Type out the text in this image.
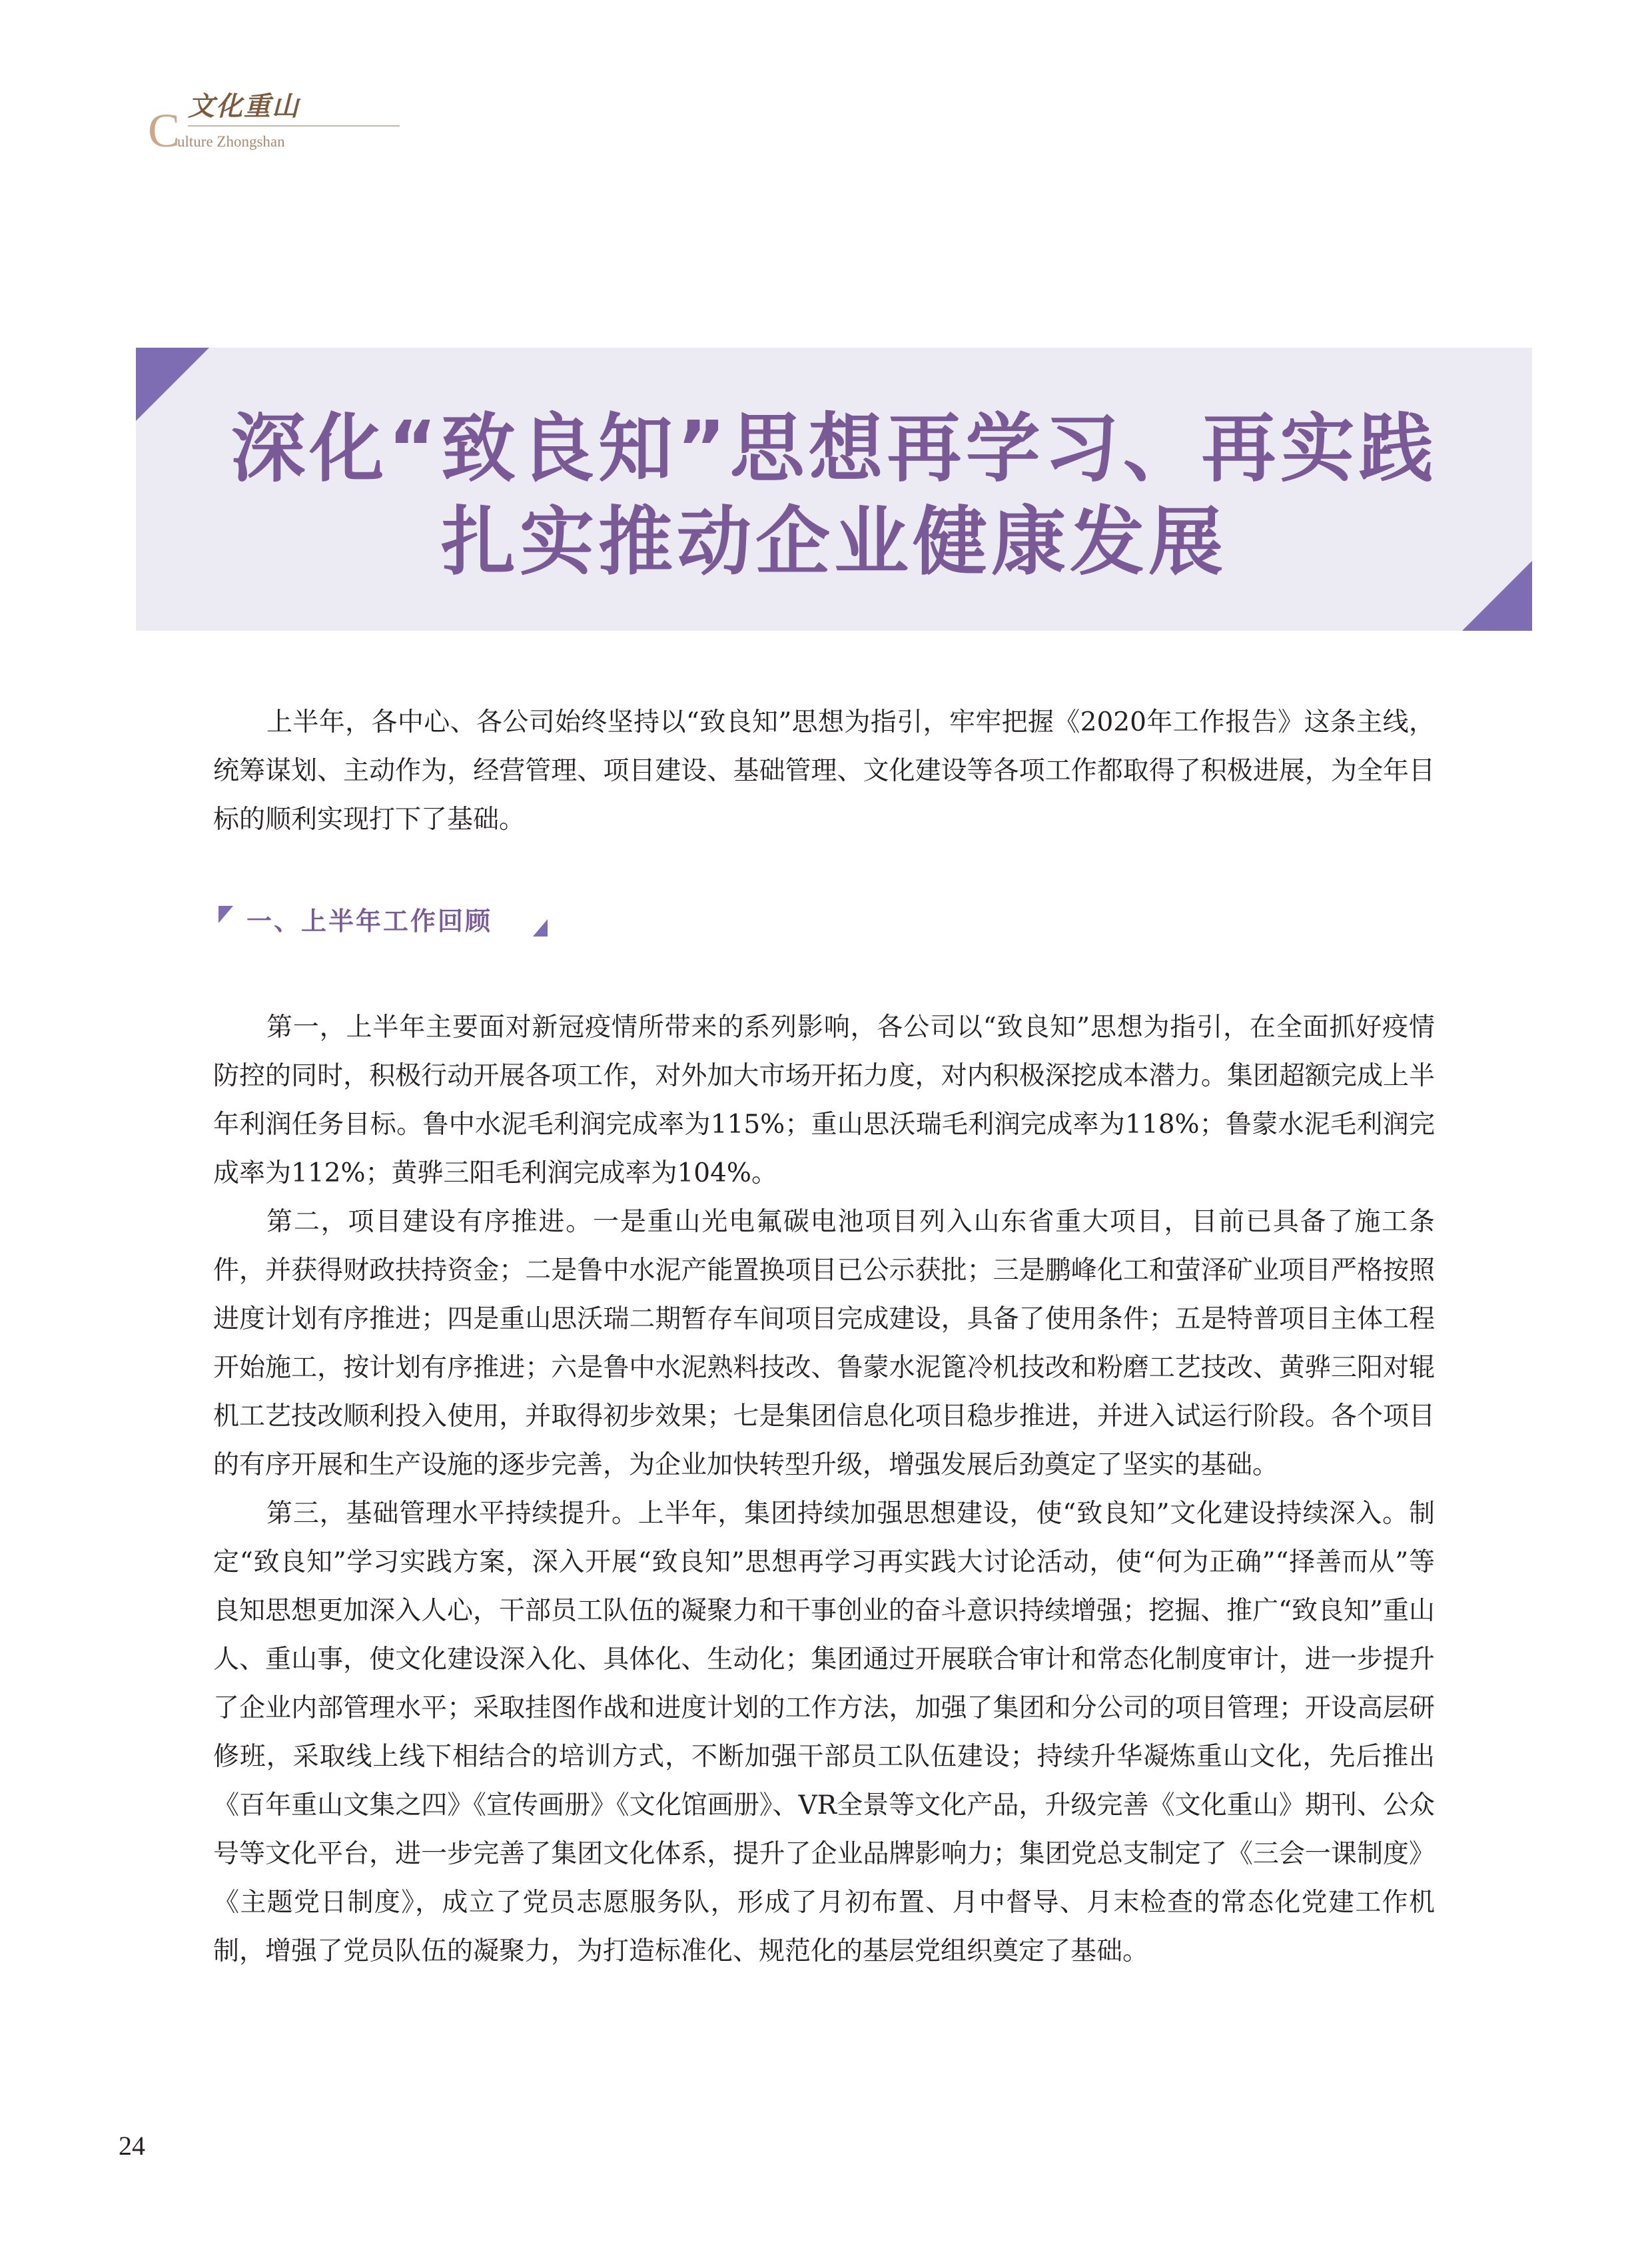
C 文化重山
ulture Zhongshan
深化“致良知”思想再学习、再实践
扎实推动企业健康发展

上半年，各中心、各公司始终坚持以“致良知”思想为指引，牢牢把握《2020年工作报告》这条主线，统筹谋划、主动作为，经营管理、项目建设、基础管理、文化建设等各项工作都取得了积极进展，为全年目标的顺利实现打下了基础。

一、上半年工作回顾

第一，上半年主要面对新冠疫情所带来的系列影响，各公司以“致良知”思想为指引，在全面抓好疫情防控的同时，积极行动开展各项工作，对外加大市场开拓力度，对内积极深挖成本潜力。集团超额完成上半年利润任务目标。鲁中水泥毛利润完成率为115%；重山思沃瑞毛利润完成率为118%；鲁蒙水泥毛利润完成率为112%；黄骅三阳毛利润完成率为104%。

第二，项目建设有序推进。一是重山光电氟碳电池项目列入山东省重大项目，目前已具备了施工条件，并获得财政扶持资金；二是鲁中水泥产能置换项目已公示获批；三是鹏峰化工和萤泽矿业项目严格按照进度计划有序推进；四是重山思沃瑞二期暂存车间项目完成建设，具备了使用条件；五是特普项目主体工程开始施工，按计划有序推进；六是鲁中水泥熟料技改、鲁蒙水泥篦冷机技改和粉磨工艺技改、黄骅三阳对辊机工艺技改顺利投入使用，并取得初步效果；七是集团信息化项目稳步推进，并进入试运行阶段。各个项目的有序开展和生产设施的逐步完善，为企业加快转型升级，增强发展后劲奠定了坚实的基础。

第三，基础管理水平持续提升。上半年，集团持续加强思想建设，使“致良知”文化建设持续深入。制定“致良知”学习实践方案，深入开展“致良知”思想再学习再实践大讨论活动，使“何为正确”“择善而从”等良知思想更加深入人心，干部员工队伍的凝聚力和干事创业的奋斗意识持续增强；挖掘、推广“致良知”重山人、重山事，使文化建设深入化、具体化、生动化；集团通过开展联合审计和常态化制度审计，进一步提升了企业内部管理水平；采取挂图作战和进度计划的工作方法，加强了集团和分公司的项目管理；开设高层研修班，采取线上线下相结合的培训方式，不断加强干部员工队伍建设；持续升华凝炼重山文化，先后推出《百年重山文集之四》《宣传画册》《文化馆画册》、VR全景等文化产品，升级完善《文化重山》期刊、公众号等文化平台，进一步完善了集团文化体系，提升了企业品牌影响力；集团党总支制定了《三会一课制度》《主题党日制度》，成立了党员志愿服务队，形成了月初布置、月中督导、月末检查的常态化党建工作机制，增强了党员队伍的凝聚力，为打造标准化、规范化的基层党组织奠定了基础。

24
